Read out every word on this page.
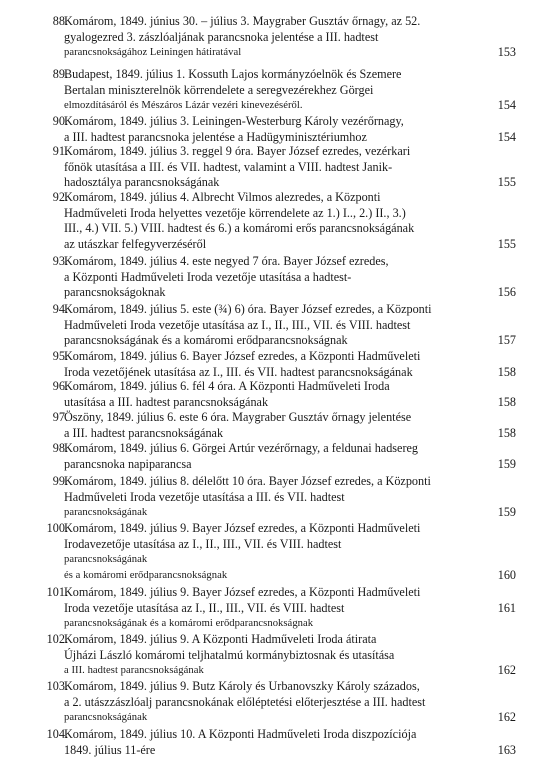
88.
Komárom, 1849. június 30. – július 3. Maygraber Gusztáv őrnagy, az 52.
gyalogezred 3. zászlóaljának parancsnoka jelentése a III. hadtest
parancsnokságához Leiningen hátiratával	153
89.
Budapest, 1849. július 1. Kossuth Lajos kormányzóelnök és Szemere
Bertalan miniszterelnök körrendelete a seregvezérekhez Görgei
elmozdításáról és Mészáros Lázár vezéri kinevezéséről.	154
90.
Komárom, 1849. július 3. Leiningen-Westerburg Károly vezérőrnagy,
a III. hadtest parancsnoka jelentése a Hadügyminisztériumhoz	154
91.
Komárom, 1849. július 3. reggel 9 óra. Bayer József ezredes, vezérkari
főnök utasítása a III. és VII. hadtest, valamint a VIII. hadtest Janik-
hadosztálya parancsnokságának	155
92.
Komárom, 1849. július 4. Albrecht Vilmos alezredes, a Központi
Hadműveleti Iroda helyettes vezetője körrendelete az 1.) I.., 2.) II., 3.)
III., 4.) VII. 5.) VIII. hadtest és 6.) a komáromi erős parancsnokságának
az utászkar felfegyverzéséről	155
93.
Komárom, 1849. július 4. este negyed 7 óra. Bayer József ezredes,
a Központi Hadműveleti Iroda vezetője utasítása a hadtest-
parancsnokságoknak	156
94.
Komárom, 1849. július 5. este (¾) 6) óra. Bayer József ezredes, a Központi
Hadműveleti Iroda vezetője utasítása az I., II., III., VII. és VIII. hadtest
parancsnokságának és a komáromi erődparancsnokságnak	157
95.
Komárom, 1849. július 6. Bayer József ezredes, a Központi Hadműveleti
Iroda vezetőjének utasítása az I., III. és VII. hadtest parancsnokságának	158
96.
Komárom, 1849. július 6. fél 4 óra. A Központi Hadműveleti Iroda
utasítása a III. hadtest parancsnokságának	158
97.
Öszöny, 1849. július 6. este 6 óra. Maygraber Gusztáv őrnagy jelentése
a III. hadtest parancsnokságának	158
98.
Komárom, 1849. július 6. Görgei Artúr vezérőrnagy, a feldunai hadsereg
parancsnoka napiparancsa	159
99.
Komárom, 1849. július 8. délelőtt 10 óra. Bayer József ezredes, a Központi
Hadműveleti Iroda vezetője utasítása a III. és VII. hadtest
parancsnokságának	159
100.
Komárom, 1849. július 9. Bayer József ezredes, a Központi Hadműveleti
Irodavezetője utasítása az I., II., III., VII. és VIII. hadtest
parancsnokságának
és a komáromi erődparancsnokságnak	160
101.
Komárom, 1849. július 9. Bayer József ezredes, a Központi Hadműveleti
Iroda vezetője utasítása az I., II., III., VII. és VIII. hadtest
parancsnokságának és a komáromi erődparancsnokságnak
161
102.
Komárom, 1849. július 9. A Központi Hadműveleti Iroda átirata
Újházi László komáromi teljhatalmú kormánybiztosnak és utasítása
a III. hadtest parancsnokságának	162
103.
Komárom, 1849. július 9. Butz Károly és Urbanovszky Károly százados,
a 2. utászzászlóalj parancsnokának előléptetési előterjesztése a III. hadtest
parancsnokságának	162
104.
Komárom, 1849. július 10. A Központi Hadműveleti Iroda diszpozíciója
1849. július 11-ére	163
